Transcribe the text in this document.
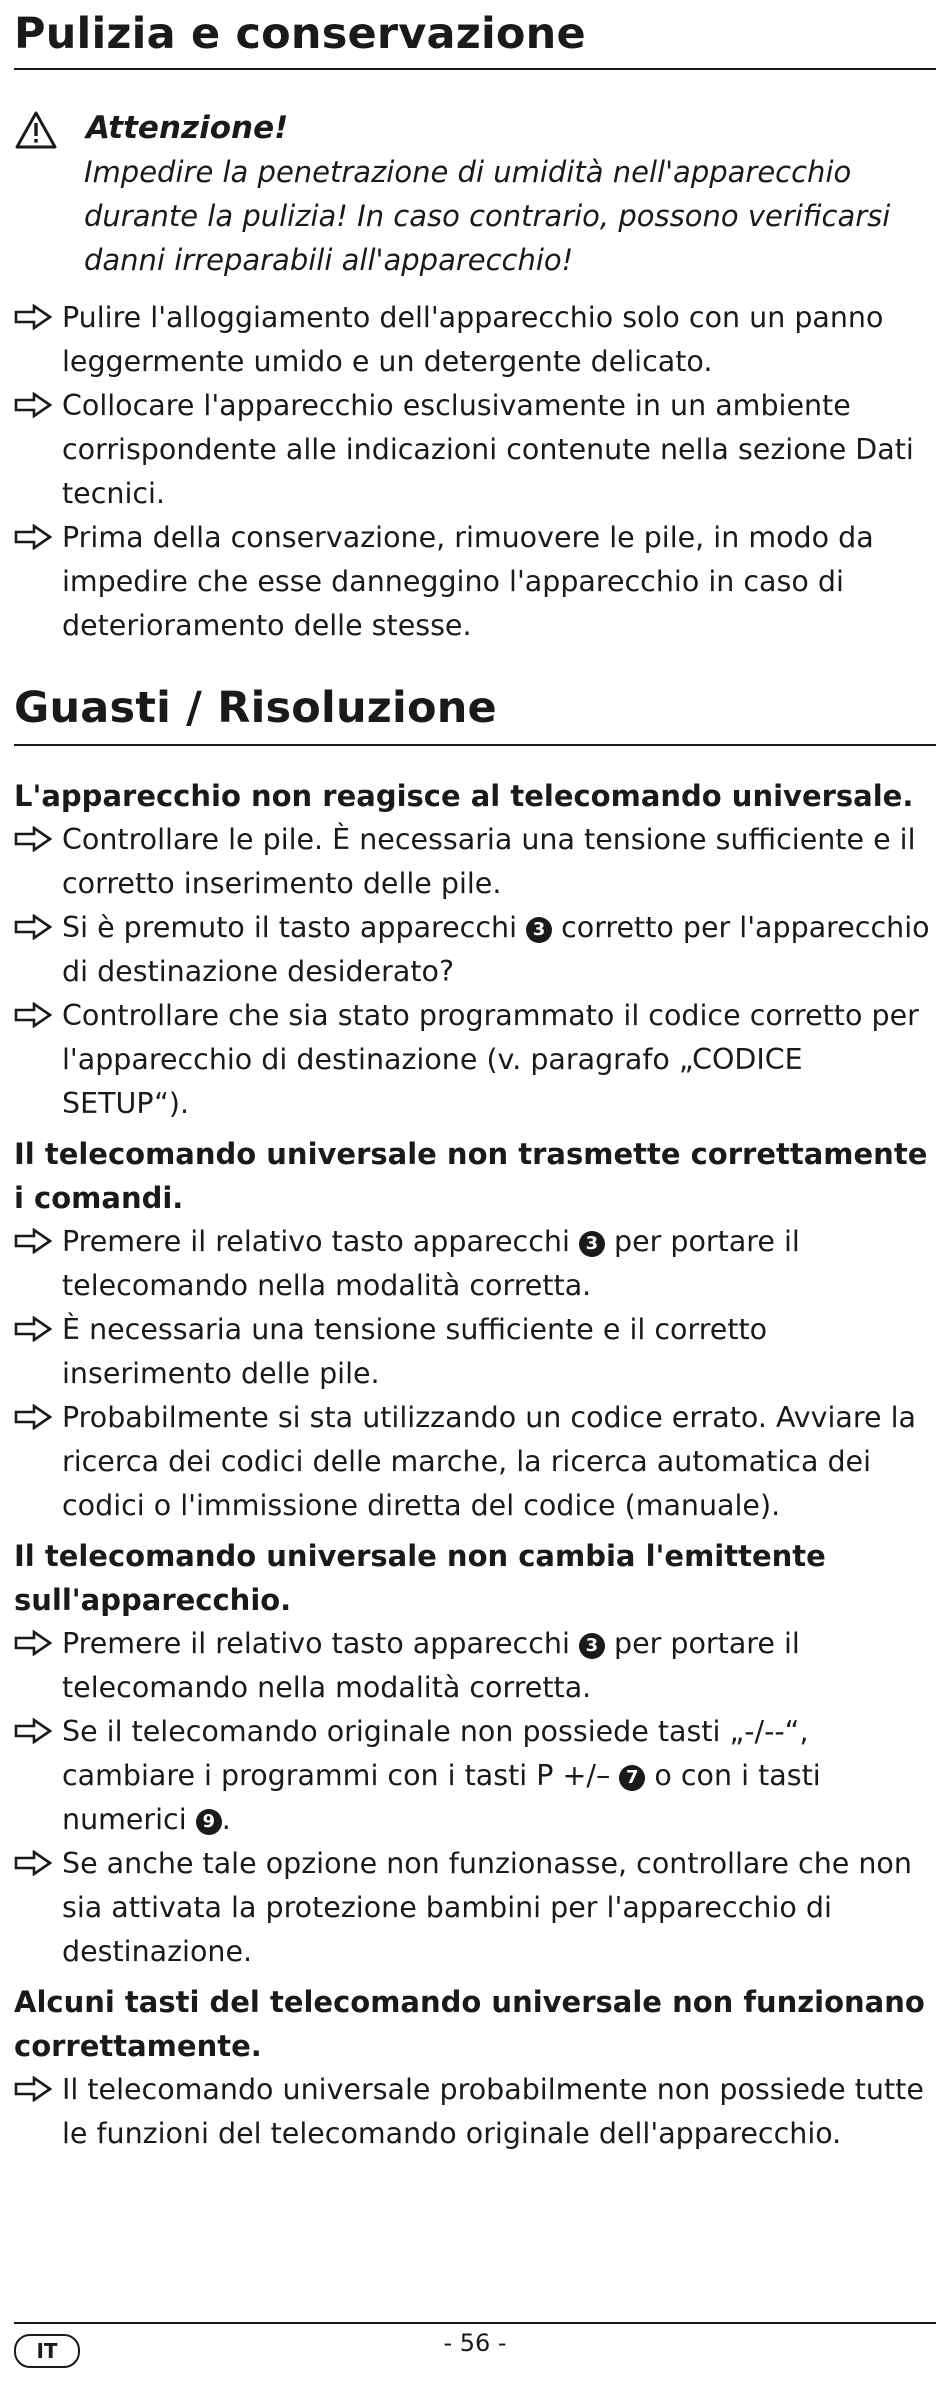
Pulizia e conservazione
Attenzione!
Impedire la penetrazione di umidità nell'apparecchio durante la pulizia! In caso contrario, possono verificarsi danni irreparabili all'apparecchio!
Pulire l'alloggiamento dell'apparecchio solo con un panno leggermente umido e un detergente delicato.
Collocare l'apparecchio esclusivamente in un ambiente corrispondente alle indicazioni contenute nella sezione Dati tecnici.
Prima della conservazione, rimuovere le pile, in modo da impedire che esse danneggino l'apparecchio in caso di deterioramento delle stesse.
Guasti / Risoluzione

L'apparecchio non reagisce al telecomando universale.

Controllare le pile. È necessaria una tensione sufficiente e il corretto inserimento delle pile.
Si è premuto il tasto apparecchi 3 corretto per l'apparecchio di destinazione desiderato?
Controllare che sia stato programmato il codice corretto per l'apparecchio di destinazione (v. paragrafo „CODICE SETUP“).

Il telecomando universale non trasmette correttamente i comandi.

Premere il relativo tasto apparecchi 3 per portare il telecomando nella modalità corretta.
È necessaria una tensione sufficiente e il corretto inserimento delle pile.
Probabilmente si sta utilizzando un codice errato. Avviare la ricerca dei codici delle marche, la ricerca automatica dei codici o l'immissione diretta del codice (manuale).

Il telecomando universale non cambia l'emittente sull'apparecchio.

Premere il relativo tasto apparecchi 3 per portare il telecomando nella modalità corretta.
Se il telecomando originale non possiede tasti „-/--“, cambiare i programmi con i tasti P +/– 7 o con i tasti numerici 9 .
Se anche tale opzione non funzionasse, controllare che non sia attivata la protezione bambini per l'apparecchio di destinazione.

Alcuni tasti del telecomando universale non funzionano correttamente.

Il telecomando universale probabilmente non possiede tutte le funzioni del telecomando originale dell'apparecchio.
IT	- 56 -
